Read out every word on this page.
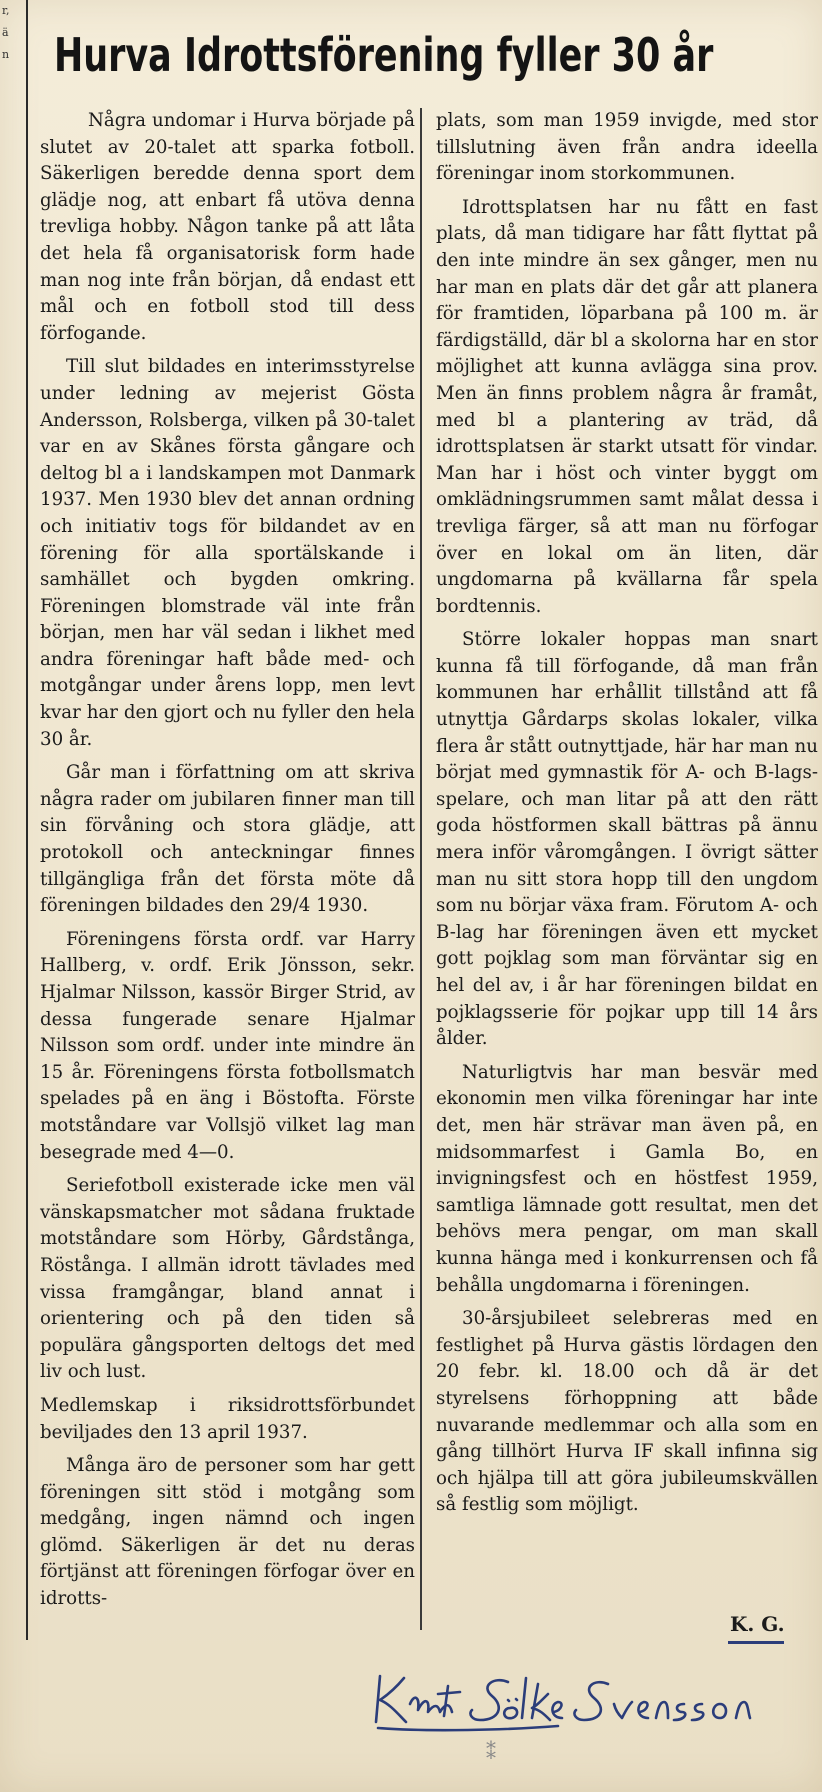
r,
ä
n Hurva Idrottsförening fyller 30 år

Några undomar i Hurva började på slutet av 20-talet att sparka fotboll. Säkerligen beredde denna sport dem glädje nog, att enbart få utöva denna trevliga hobby. Någon tanke på att låta det hela få organisatorisk form hade man nog inte från början, då endast ett mål och en fotboll stod till dess förfogande.

Till slut bildades en interimsstyrelse under ledning av mejerist Gösta Andersson, Rolsberga, vilken på 30-talet var en av Skånes första gångare och deltog bl a i landskampen mot Danmark 1937. Men 1930 blev det annan ordning och initiativ togs för bildandet av en förening för alla sportälskande i samhället och bygden omkring. Föreningen blomstrade väl inte från början, men har väl sedan i likhet med andra föreningar haft både med- och motgångar under årens lopp, men levt kvar har den gjort och nu fyller den hela 30 år.

Går man i författning om att skriva några rader om jubilaren finner man till sin förvåning och stora glädje, att protokoll och anteckningar finnes tillgängliga från det första möte då föreningen bildades den 29/4 1930.

Föreningens första ordf. var Harry Hallberg, v. ordf. Erik Jönsson, sekr. Hjalmar Nilsson, kassör Birger Strid, av dessa fungerade senare Hjalmar Nilsson som ordf. under inte mindre än 15 år. Föreningens första fotbollsmatch spelades på en äng i Böstofta. Förste motståndare var Vollsjö vilket lag man besegrade med 4—0.

Seriefotboll existerade icke men väl vänskapsmatcher mot sådana fruktade motståndare som Hörby, Gårdstånga, Röstånga. I allmän idrott tävlades med vissa framgångar, bland annat i orientering och på den tiden så populära gångsporten deltogs det med liv och lust.

Medlemskap i riksidrottsförbundet beviljades den 13 april 1937.

Många äro de personer som har gett föreningen sitt stöd i motgång som medgång, ingen nämnd och ingen glömd. Säkerligen är det nu deras förtjänst att föreningen förfogar över en idrotts-

plats, som man 1959 invigde, med stor tillslutning även från andra ideella föreningar inom storkommunen.

Idrottsplatsen har nu fått en fast plats, då man tidigare har fått flyttat på den inte mindre än sex gånger, men nu har man en plats där det går att planera för framtiden, löparbana på 100 m. är färdigställd, där bl a skolorna har en stor möjlighet att kunna avlägga sina prov. Men än finns problem några år framåt, med bl a plantering av träd, då idrottsplatsen är starkt utsatt för vindar. Man har i höst och vinter byggt om omklädningsrummen samt målat dessa i trevliga färger, så att man nu förfogar över en lokal om än liten, där ungdomarna på kvällarna får spela bordtennis.

Större lokaler hoppas man snart kunna få till förfogande, då man från kommunen har erhållit tillstånd att få utnyttja Gårdarps skolas lokaler, vilka flera år stått outnyttjade, här har man nu börjat med gymnastik för A- och B-lags-spelare, och man litar på att den rätt goda höstformen skall bättras på ännu mera inför våromgången. I övrigt sätter man nu sitt stora hopp till den ungdom som nu börjar växa fram. Förutom A- och B-lag har föreningen även ett mycket gott pojklag som man förväntar sig en hel del av, i år har föreningen bildat en pojklagsserie för pojkar upp till 14 års ålder.

Naturligtvis har man besvär med ekonomin men vilka föreningar har inte det, men här strävar man även på, en midsommarfest i Gamla Bo, en invigningsfest och en höstfest 1959, samtliga lämnade gott resultat, men det behövs mera pengar, om man skall kunna hänga med i konkurrensen och få behålla ungdomarna i föreningen.

30-årsjubileet selebreras med en festlighet på Hurva gästis lördagen den 20 febr. kl. 18.00 och då är det styrelsens förhoppning att både nuvarande medlemmar och alla som en gång tillhört Hurva IF skall infinna sig och hjälpa till att göra jubileumskvällen så festlig som möjligt.

K. G.
⁑
